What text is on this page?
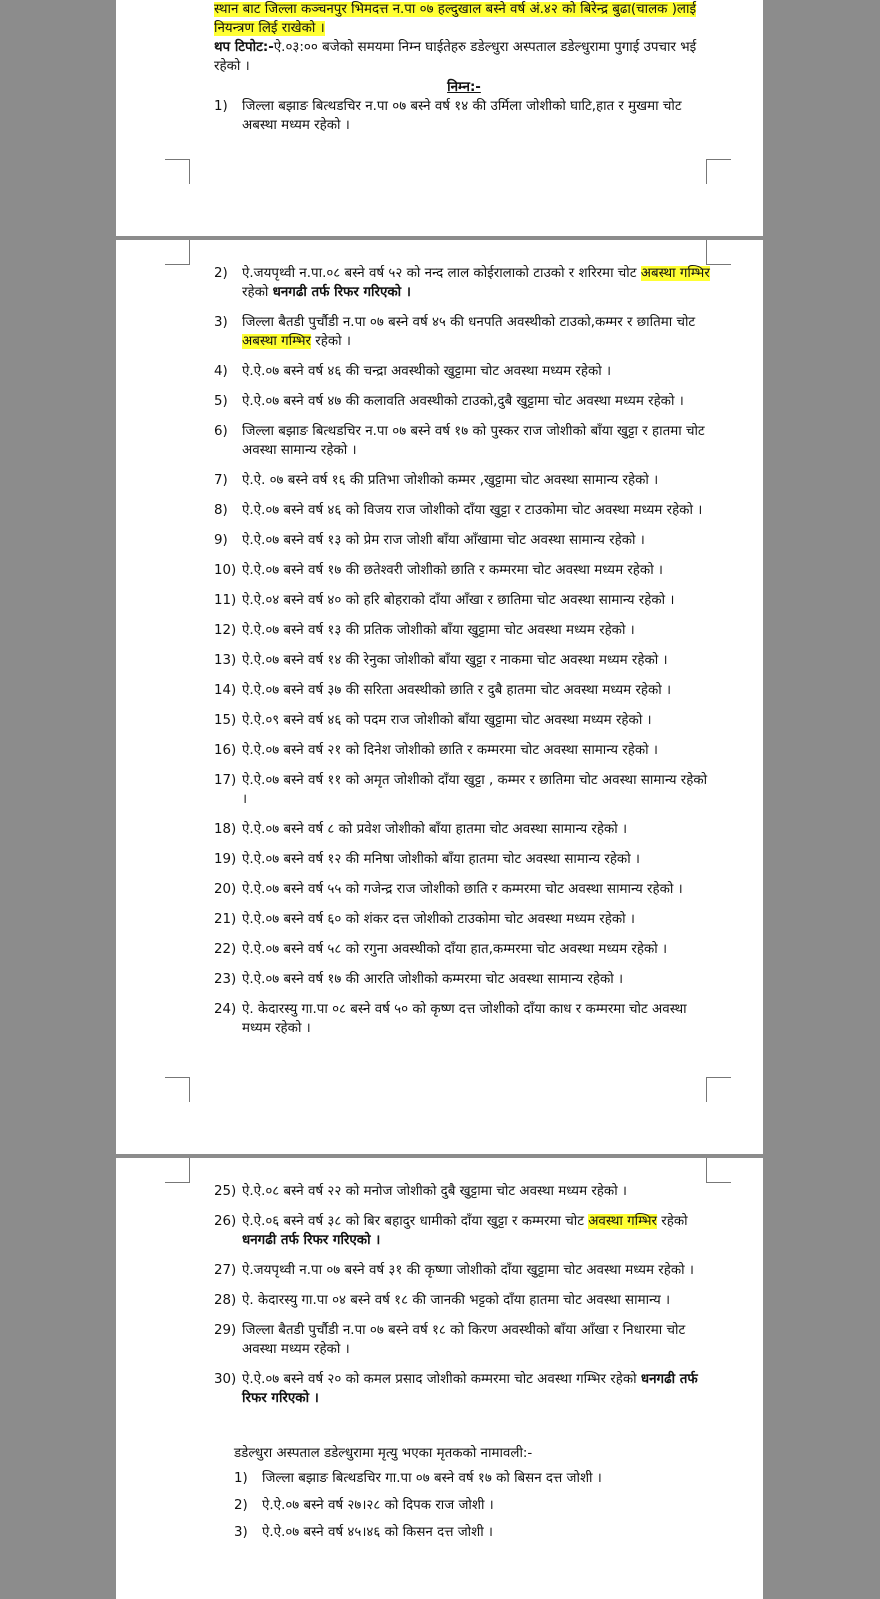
स्थान बाट जिल्ला कञ्चनपुर भिमदत्त न.पा ०७ हल्दुखाल बस्ने वर्ष अं.४२ को बिरेन्द्र बुढा(चालक )लाई नियन्त्रण लिई राखेको ।

थप टिपोट:-ऐ.०३:०० बजेको समयमा निम्न घाईतेहरु डडेल्धुरा अस्पताल डडेल्धुरामा पुगाई उपचार भई रहेको ।

निम्न:-

1)	जिल्ला बझाङ बित्थडचिर न.पा ०७ बस्ने वर्ष १४ की उर्मिला जोशीको घाटि,हात र मुखमा चोट अबस्था मध्यम रहेको ।
2)	ऐ.जयपृथ्वी न.पा.०८ बस्ने वर्ष ५२ को नन्द लाल कोईरालाको टाउको र शरिरमा चोट अबस्था गम्भिर रहेको धनगढी तर्फ रिफर गरिएको ।
3)	जिल्ला बैतडी पुर्चौडी न.पा ०७ बस्ने वर्ष ४५ की धनपति अवस्थीको टाउको,कम्मर र छातिमा चोट अबस्था गम्भिर रहेको ।
4)	ऐ.ऐ.०७ बस्ने वर्ष ४६ की चन्द्रा अवस्थीको खुट्टामा चोट अवस्था मध्यम रहेको ।
5)	ऐ.ऐ.०७ बस्ने वर्ष ४७ की कलावति अवस्थीको टाउको,दुबै खुट्टामा चोट अवस्था मध्यम रहेको ।
6)	जिल्ला बझाङ बित्थडचिर न.पा ०७ बस्ने वर्ष १७ को पुस्कर राज जोशीको बाँया खुट्टा र हातमा चोट अवस्था सामान्य रहेको ।
7)	ऐ.ऐ. ०७ बस्ने वर्ष १६ की प्रतिभा जोशीको कम्मर ,खुट्टामा चोट अवस्था सामान्य रहेको ।
8)	ऐ.ऐ.०७ बस्ने वर्ष ४६ को विजय राज जोशीको दाँया खुट्टा र टाउकोमा चोट अवस्था मध्यम रहेको ।
9)	ऐ.ऐ.०७ बस्ने वर्ष १३ को प्रेम राज जोशी बाँया आँखामा चोट अवस्था सामान्य रहेको ।
10) ऐ.ऐ.०७ बस्ने वर्ष १७ की छतेश्वरी जोशीको छाति र कम्मरमा चोट अवस्था मध्यम रहेको ।
11) ऐ.ऐ.०४ बस्ने वर्ष ४० को हरि बोहराको दाँया आँखा र छातिमा चोट अवस्था सामान्य रहेको ।
12) ऐ.ऐ.०७ बस्ने वर्ष १३ की प्रतिक जोशीको बाँया खुट्टामा चोट अवस्था मध्यम रहेको ।
13) ऐ.ऐ.०७ बस्ने वर्ष १४ की रेनुका जोशीको बाँया खुट्टा र नाकमा चोट अवस्था मध्यम रहेको ।
14) ऐ.ऐ.०७ बस्ने वर्ष ३७ की सरिता अवस्थीको छाति र दुबै हातमा चोट अवस्था मध्यम रहेको ।
15) ऐ.ऐ.०९ बस्ने वर्ष ४६ को पदम राज जोशीको बाँया खुट्टामा चोट अवस्था मध्यम रहेको ।
16) ऐ.ऐ.०७ बस्ने वर्ष २१ को दिनेश जोशीको छाति र कम्मरमा चोट अवस्था सामान्य रहेको ।
17) ऐ.ऐ.०७ बस्ने वर्ष ११ को अमृत जोशीको दाँया खुट्टा , कम्मर र छातिमा चोट अवस्था सामान्य रहेको ।
18) ऐ.ऐ.०७ बस्ने वर्ष ८ को प्रवेश जोशीको बाँया हातमा चोट अवस्था सामान्य रहेको ।
19) ऐ.ऐ.०७ बस्ने वर्ष १२ की मनिषा जोशीको बाँया हातमा चोट अवस्था सामान्य रहेको ।
20) ऐ.ऐ.०७ बस्ने वर्ष ५५ को गजेन्द्र राज जोशीको छाति र कम्मरमा चोट अवस्था सामान्य रहेको ।
21) ऐ.ऐ.०७ बस्ने वर्ष ६० को शंकर दत्त जोशीको टाउकोमा चोट अवस्था मध्यम रहेको ।
22) ऐ.ऐ.०७ बस्ने वर्ष ५८ को रगुना अवस्थीको दाँया हात,कम्मरमा चोट अवस्था मध्यम रहेको ।
23) ऐ.ऐ.०७ बस्ने वर्ष १७ की आरति जोशीको कम्मरमा चोट अवस्था सामान्य रहेको ।
24) ऐ. केदारस्यु गा.पा ०८ बस्ने वर्ष ५० को कृष्ण दत्त जोशीको दाँया काध र कम्मरमा चोट अवस्था मध्यम रहेको ।
25) ऐ.ऐ.०८ बस्ने वर्ष २२ को मनोज जोशीको दुबै खुट्टामा चोट अवस्था मध्यम रहेको ।
26) ऐ.ऐ.०६ बस्ने वर्ष ३८ को बिर बहादुर धामीको दाँया खुट्टा र कम्मरमा चोट अवस्था गम्भिर रहेको धनगढी तर्फ रिफर गरिएको ।
27) ऐ.जयपृथ्वी न.पा ०७ बस्ने वर्ष ३१ की कृष्णा जोशीको दाँया खुट्टामा चोट अवस्था मध्यम रहेको ।
28) ऐ. केदारस्यु गा.पा ०४ बस्ने वर्ष १८ की जानकी भट्टको दाँया हातमा चोट अवस्था सामान्य ।
29) जिल्ला बैतडी पुर्चौडी न.पा ०७ बस्ने वर्ष १८ को किरण अवस्थीको बाँया आँखा र निधारमा चोट अवस्था मध्यम रहेको ।
30) ऐ.ऐ.०७ बस्ने वर्ष २० को कमल प्रसाद जोशीको कम्मरमा चोट अवस्था गम्भिर रहेको धनगढी तर्फ रिफर गरिएको ।

डडेल्धुरा अस्पताल डडेल्धुरामा मृत्यु भएका मृतकको नामावली:-

1)	जिल्ला बझाङ बित्थडचिर गा.पा ०७ बस्ने वर्ष १७ को बिसन दत्त जोशी ।
2)	ऐ.ऐ.०७ बस्ने वर्ष २७।२८ को दिपक राज जोशी ।
3)	ऐ.ऐ.०७ बस्ने वर्ष ४५।४६ को किसन दत्त जोशी ।
